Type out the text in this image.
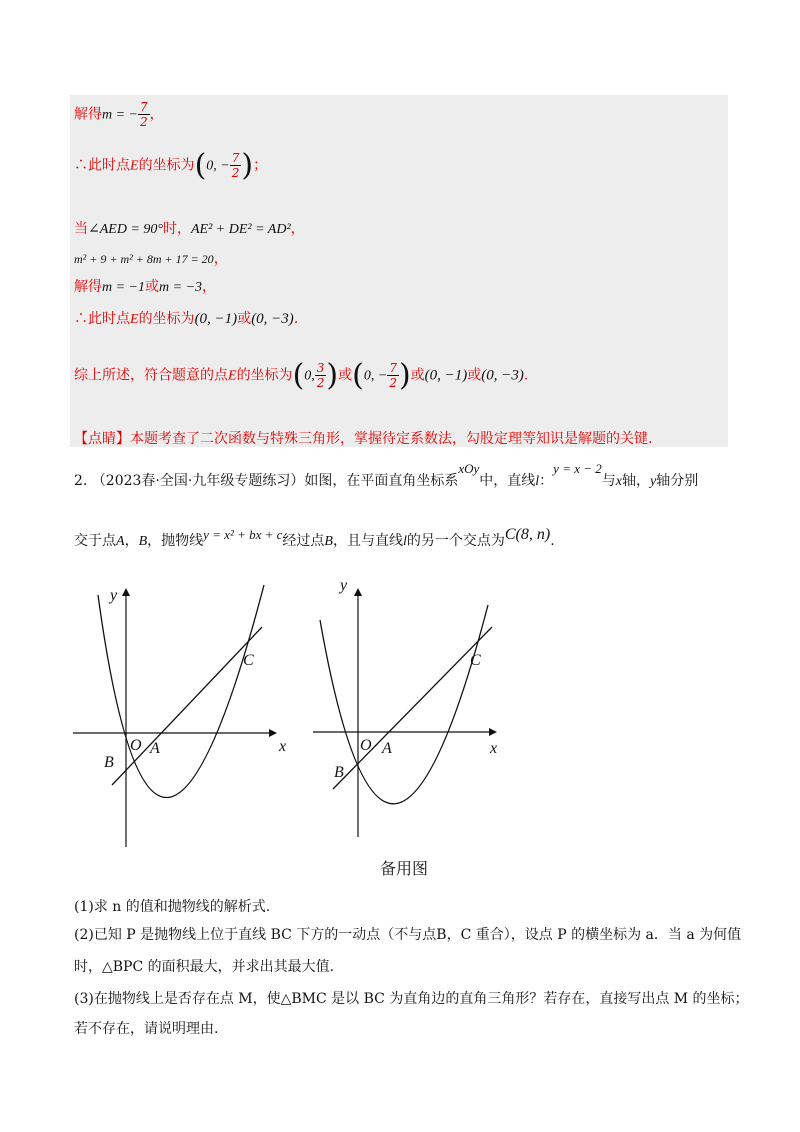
解得m = − $\frac{7}{2}$ ，
∴此时点E的坐标为(0, − $\frac{7}{2}$ )；
当∠AED = 90°时，AE² + DE² = AD²，
m² + 9 + m² + 8m + 17 = 20，
解得m = −1或m = −3，
∴此时点E的坐标为(0, −1)或(0, −3).
综上所述，符合题意的点E的坐标为(0, $\frac{3}{2}$ )或(0, − $\frac{7}{2}$ )或(0, −1)或(0, −3).
【点睛】本题考查了二次函数与特殊三角形，掌握待定系数法，勾股定理等知识是解题的关键.
2. （2023春·全国·九年级专题练习）如图，在平面直角坐标系xOy中，直线l：y = x − 2与x轴，y轴分别
交于点A，B，抛物线y = x² + bx + c经过点B，且与直线l的另一个交点为C(8, n).
y
x
O A
B
C
y
x
O A
B
C
备用图
(1)求 n 的值和抛物线的解析式.
(2)已知 P 是抛物线上位于直线 BC 下方的一动点（不与点B，C 重合），设点 P 的横坐标为 a．当 a 为何值
时，△BPC 的面积最大，并求出其最大值.
(3)在抛物线上是否存在点 M，使△BMC 是以 BC 为直角边的直角三角形？若存在，直接写出点 M 的坐标；
若不存在，请说明理由.
